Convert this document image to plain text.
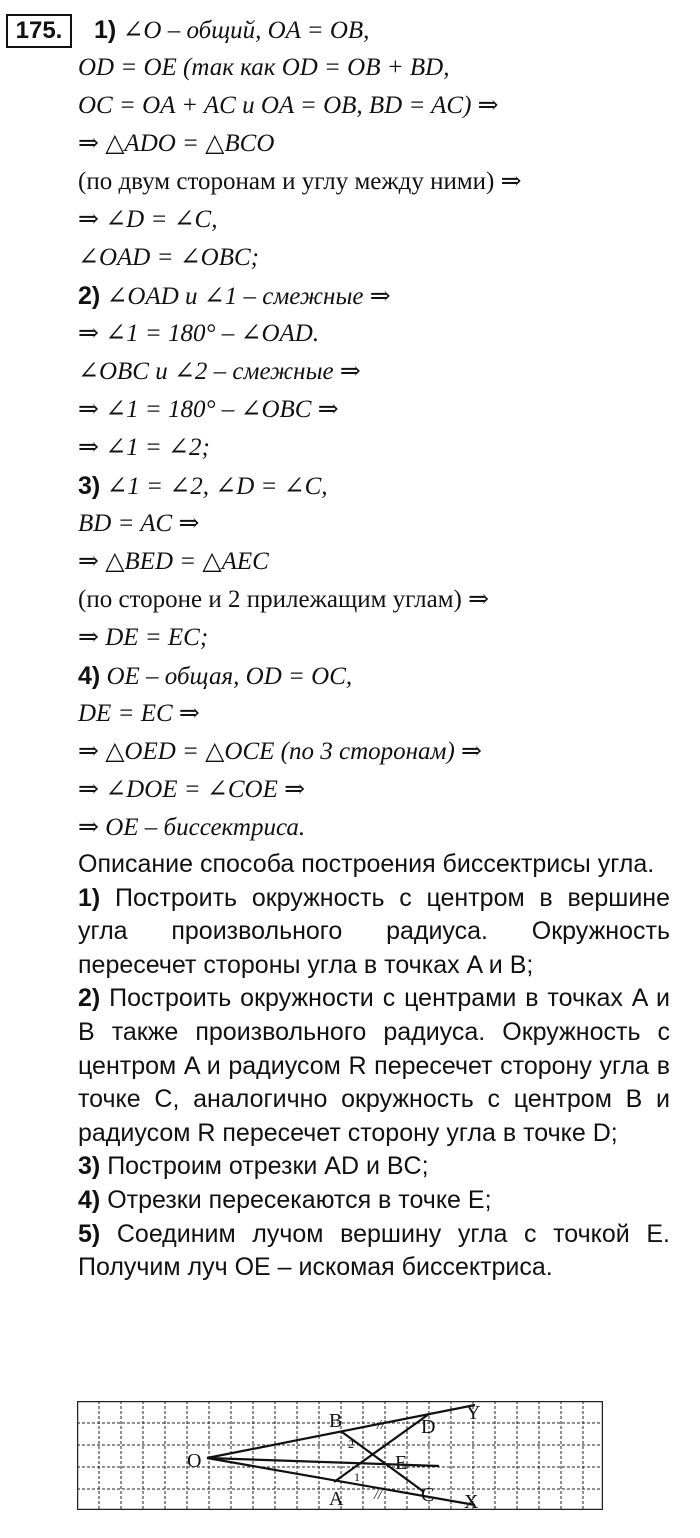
175.	1) ∠O – общий, OA = OB,
OD = OE (так как OD = OB + BD,
OC = OA + AC и OA = OB, BD = AC) ⇒
⇒ △ADO = △BCO
(по двум сторонам и углу между ними) ⇒
⇒ ∠D = ∠C,
∠OAD = ∠OBC;
2) ∠OAD и ∠1 – смежные ⇒
⇒ ∠1 = 180° – ∠OAD.
∠OBC и ∠2 – смежные ⇒
⇒ ∠1 = 180° – ∠OBC ⇒
⇒ ∠1 = ∠2;
3) ∠1 = ∠2, ∠D = ∠C,
BD = AC ⇒
⇒ △BED = △AEC
(по стороне и 2 прилежащим углам) ⇒
⇒ DE = EC;
4) OE – общая, OD = OC,
DE = EC ⇒
⇒ △OED = △OCE (по 3 сторонам) ⇒
⇒ ∠DOE = ∠COE ⇒
⇒ OE – биссектриса.

Описание способа построения биссектрисы угла.

1) Построить окружность с центром в вершине угла произвольного радиуса. Окружность пересечет стороны угла в точках A и B;

2) Построить окружности с центрами в точках A и B также произвольного радиуса. Окружность с центром A и радиусом R пересечет сторону угла в точке C, аналогично окружность с центром B и радиусом R пересечет сторону угла в точке D;

3) Построим отрезки AD и BC;

4) Отрезки пересекаются в точке E;

5) Соединим лучом вершину угла с точкой E. Получим луч OE – искомая биссектриса.

O
B	D
Y
E
A	C X
2
1
//
//
